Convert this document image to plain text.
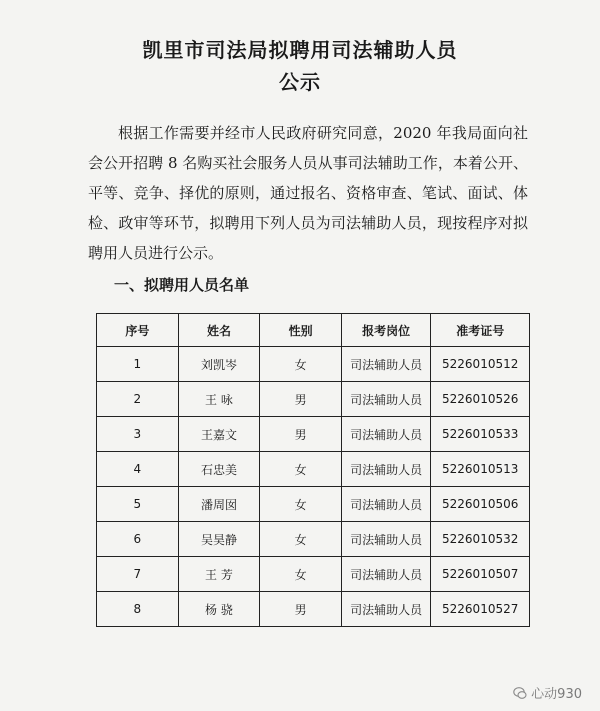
凯里市司法局拟聘用司法辅助人员
公示

根据工作需要并经市人民政府研究同意，2020 年我局面向社会公开招聘 8 名购买社会服务人员从事司法辅助工作，本着公开、平等、竞争、择优的原则，通过报名、资格审查、笔试、面试、体检、政审等环节，拟聘用下列人员为司法辅助人员，现按程序对拟聘用人员进行公示。

一、拟聘用人员名单
序号	姓名	性别	报考岗位	准考证号
1	刘凯岑	女	司法辅助人员	5226010512
2	王 咏	男	司法辅助人员	5226010526
3	王嘉文	男	司法辅助人员	5226010533
4	石忠美	女	司法辅助人员	5226010513
5	潘周囡	女	司法辅助人员	5226010506
6	吴昊静	女	司法辅助人员	5226010532
7	王 芳	女	司法辅助人员	5226010507
8	杨 骁	男	司法辅助人员	5226010527
心动930
